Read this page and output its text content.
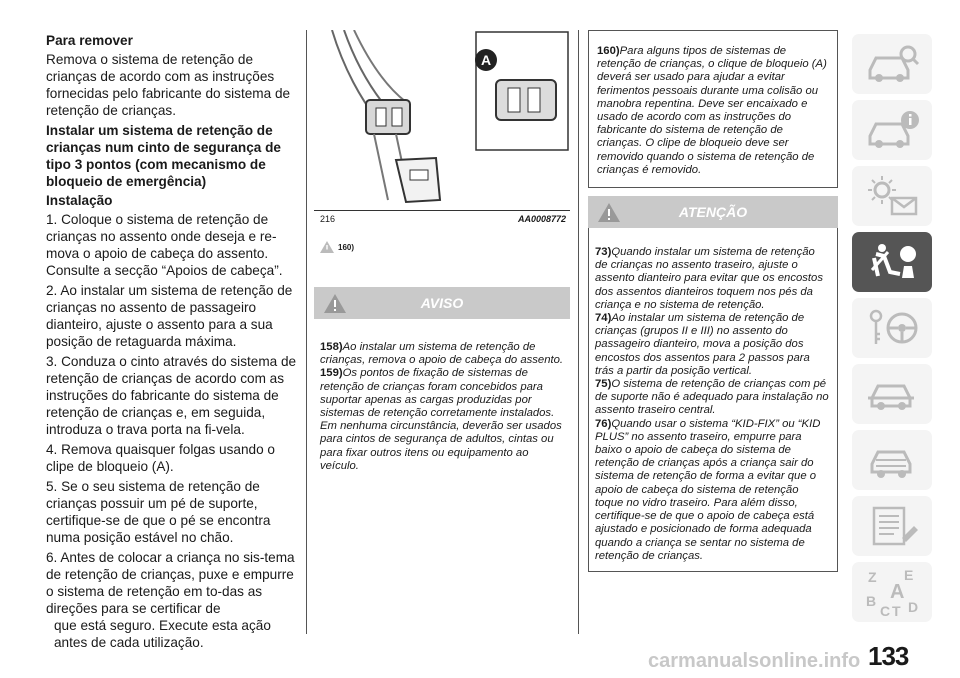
Para remover

Remova o sistema de retenção de crianças de acordo com as instruções fornecidas pelo fabricante do sistema de retenção de crianças.

Instalar um sistema de retenção de crianças num cinto de segurança de tipo 3 pontos (com mecanismo de bloqueio de emergência)
Instalação

1. Coloque o sistema de retenção de crianças no assento onde deseja e re-mova o apoio de cabeça do assento. Consulte a secção “Apoios de cabeça”.

2. Ao instalar um sistema de retenção de crianças no assento de passageiro dianteiro, ajuste o assento para a sua posição de retaguarda máxima.

3. Conduza o cinto através do sistema de retenção de crianças de acordo com as instruções do fabricante do sistema de retenção de crianças e, em seguida, introduza o trava porta na fi-vela.

4. Remova quaisquer folgas usando o clipe de bloqueio (A).

5. Se o seu sistema de retenção de crianças possuir um pé de suporte, certifique-se de que o pé se encontra numa posição estável no chão.

6. Antes de colocar a criança no sis-tema de retenção de crianças, puxe e empurre o sistema de retenção em to-das as direções para se certificar de

que está seguro. Execute esta ação antes de cada utilização.

A
216	AA0008772
160)
AVISO
158)Ao instalar um sistema de retenção de crianças, remova o apoio de cabeça do assento.
159)Os pontos de fixação de sistemas de retenção de crianças foram concebidos para suportar apenas as cargas produzidas por sistemas de retenção corretamente instalados. Em nenhuma circunstância, deverão ser usados para cintos de segurança de adultos, cintas ou para fixar outros itens ou equipamento ao veículo.
160)Para alguns tipos de sistemas de retenção de crianças, o clique de bloqueio (A) deverá ser usado para ajudar a evitar ferimentos pessoais durante uma colisão ou manobra repentina. Deve ser encaixado e usado de acordo com as instruções do fabricante do sistema de retenção de crianças. O clipe de bloqueio deve ser removido quando o sistema de retenção de crianças é removido.
ATENÇÃO
73)Quando instalar um sistema de retenção de crianças no assento traseiro, ajuste o assento dianteiro para evitar que os encostos dos assentos dianteiros toquem nos pés da criança e no sistema de retenção.
74)Ao instalar um sistema de retenção de crianças (grupos II e III) no assento do passageiro dianteiro, mova a posição dos encostos dos assentos para 2 passos para trás a partir da posição vertical.
75)O sistema de retenção de crianças com pé de suporte não é adequado para instalação no assento traseiro central.
76)Quando usar o sistema “KID-FIX” ou “KID PLUS” no assento traseiro, empurre para baixo o apoio de cabeça do sistema de retenção de crianças após a criança sair do sistema de retenção de forma a evitar que o apoio de cabeça do sistema de retenção toque no vidro traseiro. Para além disso, certifique-se de que o apoio de cabeça está ajustado e posicionado de forma adequada quando a criança se sentar no sistema de retenção de crianças.
Z E
A
B
C T D
carmanualsonline.info 133
